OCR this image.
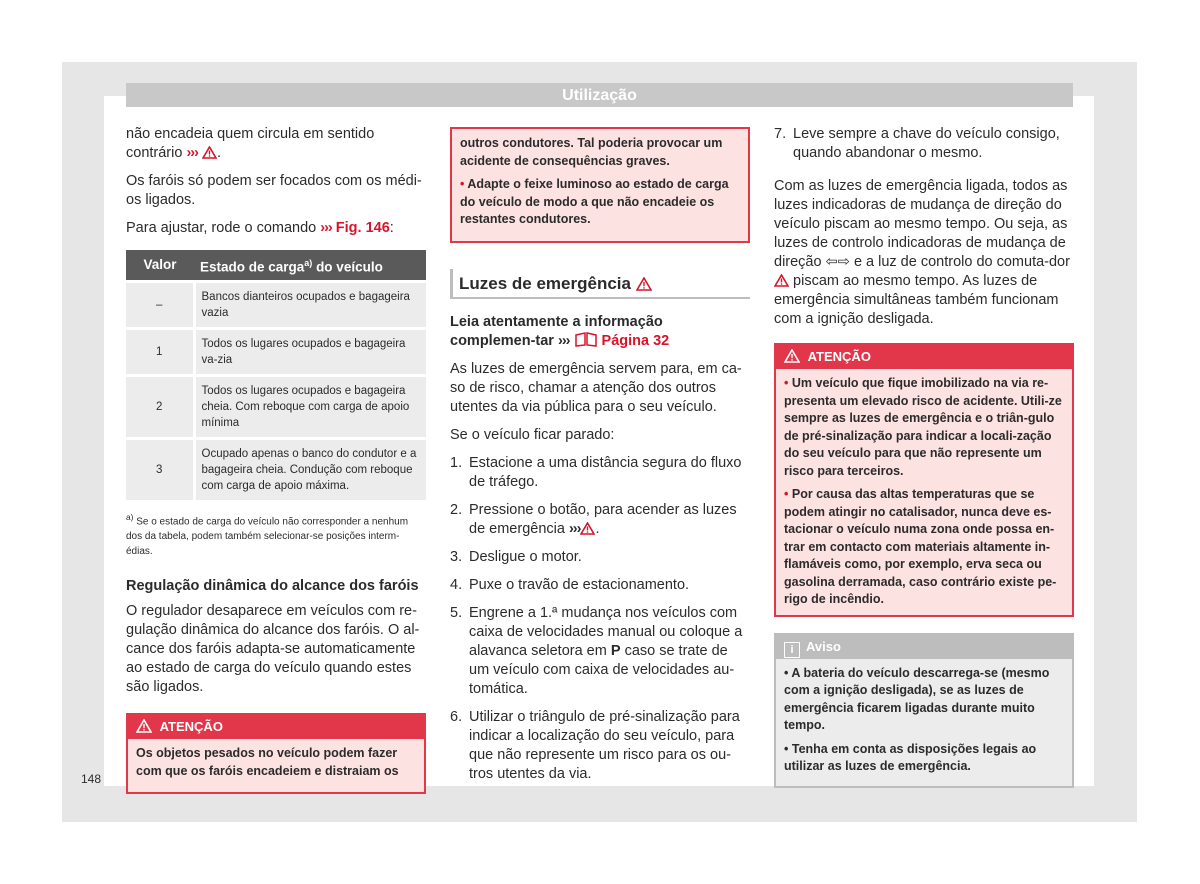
Utilização

não encadeia quem circula em sentido contrário ››› .

Os faróis só podem ser focados com os médi-os ligados.

Para ajustar, rode o comando ››› Fig. 146:

Valor	Estado de carga$^{a)}$ do veículo
–	Bancos dianteiros ocupados e bagageira vazia
1	Todos os lugares ocupados e bagageira va-zia
2	Todos os lugares ocupados e bagageira cheia. Com reboque com carga de apoio mínima
3	Ocupado apenas o banco do condutor e a bagageira cheia. Condução com reboque com carga de apoio máxima.
$^{a)}$ Se o estado de carga do veículo não corresponder a nenhum dos da tabela, podem também selecionar-se posições interm-édias.

Regulação dinâmica do alcance dos faróis

O regulador desaparece em veículos com re-gulação dinâmica do alcance dos faróis. O al-cance dos faróis adapta-se automaticamente ao estado de carga do veículo quando estes são ligados.

ATENÇÃO

Os objetos pesados no veículo podem fazer com que os faróis encadeiem e distraiam os

outros condutores. Tal poderia provocar um acidente de consequências graves.

• Adapte o feixe luminoso ao estado de carga do veículo de modo a que não encadeie os restantes condutores.

Luzes de emergência

Leia atentamente a informação complemen-tar ››› Página 32

As luzes de emergência servem para, em ca-so de risco, chamar a atenção dos outros utentes da via pública para o seu veículo.

Se o veículo ficar parado:

1. Estacione a uma distância segura do fluxo de tráfego.
2. Pressione o botão, para acender as luzes de emergência ››› .
3. Desligue o motor.
4. Puxe o travão de estacionamento.
5. Engrene a 1.ª mudança nos veículos com caixa de velocidades manual ou coloque a alavanca seletora em P caso se trate de um veículo com caixa de velocidades au-tomática.
6. Utilizar o triângulo de pré-sinalização para indicar a localização do seu veículo, para que não represente um risco para os ou-tros utentes da via.
7. Leve sempre a chave do veículo consigo, quando abandonar o mesmo.

Com as luzes de emergência ligada, todos as luzes indicadoras de mudança de direção do veículo piscam ao mesmo tempo. Ou seja, as luzes de controlo indicadoras de mudança de direção ⇦⇨ e a luz de controlo do comuta-dor  piscam ao mesmo tempo. As luzes de emergência simultâneas também funcionam com a ignição desligada.

ATENÇÃO

• Um veículo que fique imobilizado na via re-presenta um elevado risco de acidente. Utili-ze sempre as luzes de emergência e o triân-gulo de pré-sinalização para indicar a locali-zação do seu veículo para que não represente um risco para terceiros.

• Por causa das altas temperaturas que se podem atingir no catalisador, nunca deve es-tacionar o veículo numa zona onde possa en-trar em contacto com materiais altamente in-flamáveis como, por exemplo, erva seca ou gasolina derramada, caso contrário existe pe-rigo de incêndio.

i Aviso

• A bateria do veículo descarrega-se (mesmo com a ignição desligada), se as luzes de emergência ficarem ligadas durante muito tempo.

• Tenha em conta as disposições legais ao utilizar as luzes de emergência.

148
